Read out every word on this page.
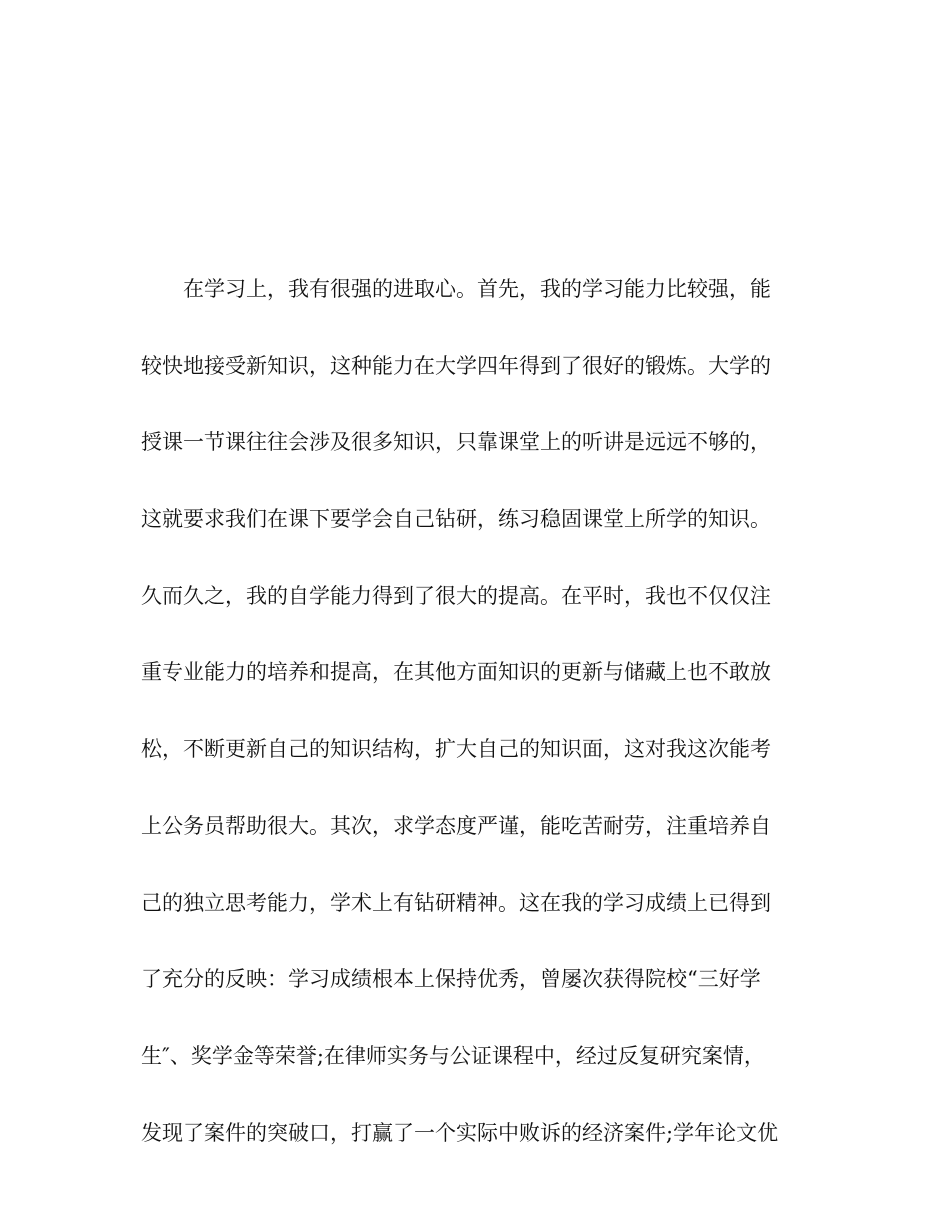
在学习上，我有很强的进取心。首先，我的学习能力比较强，能
较快地接受新知识，这种能力在大学四年得到了很好的锻炼。大学的
授课一节课往往会涉及很多知识，只靠课堂上的听讲是远远不够的，
这就要求我们在课下要学会自己钻研，练习稳固课堂上所学的知识。
久而久之，我的自学能力得到了很大的提高。在平时，我也不仅仅注
重专业能力的培养和提高，在其他方面知识的更新与储藏上也不敢放
松，不断更新自己的知识结构，扩大自己的知识面，这对我这次能考
上公务员帮助很大。其次，求学态度严谨，能吃苦耐劳，注重培养自
己的独立思考能力，学术上有钻研精神。这在我的学习成绩上已得到
了充分的反映：学习成绩根本上保持优秀，曾屡次获得院校“三好学
生″、奖学金等荣誉;在律师实务与公证课程中，经过反复研究案情，
发现了案件的突破口，打赢了一个实际中败诉的经济案件;学年论文优
